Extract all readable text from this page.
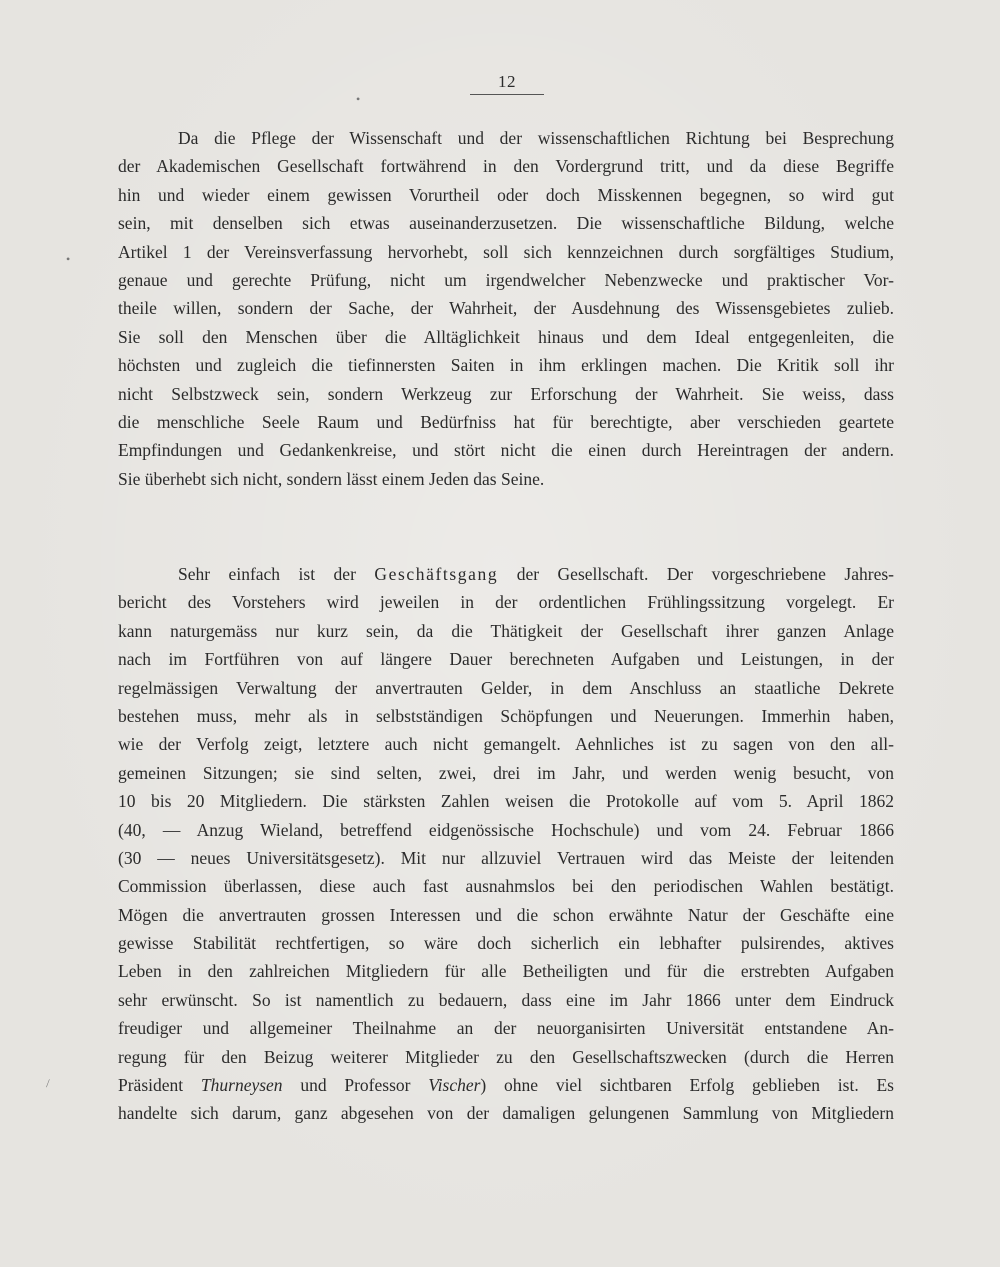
12
•
Da die Pflege der Wissenschaft und der wissenschaftlichen Richtung bei Besprechung
der Akademischen Gesellschaft fortwährend in den Vordergrund tritt, und da diese Begriffe
hin und wieder einem gewissen Vorurtheil oder doch Misskennen begegnen, so wird gut
sein, mit denselben sich etwas auseinanderzusetzen. Die wissenschaftliche Bildung, welche
Artikel 1 der Vereinsverfassung hervorhebt, soll sich kennzeichnen durch sorgfältiges Studium,
genaue und gerechte Prüfung, nicht um irgendwelcher Nebenzwecke und praktischer Vor-
theile willen, sondern der Sache, der Wahrheit, der Ausdehnung des Wissensgebietes zulieb.
Sie soll den Menschen über die Alltäglichkeit hinaus und dem Ideal entgegenleiten, die
höchsten und zugleich die tiefinnersten Saiten in ihm erklingen machen. Die Kritik soll ihr
nicht Selbstzweck sein, sondern Werkzeug zur Erforschung der Wahrheit. Sie weiss, dass
die menschliche Seele Raum und Bedürfniss hat für berechtigte, aber verschieden geartete
Empfindungen und Gedankenkreise, und stört nicht die einen durch Hereintragen der andern.
Sie überhebt sich nicht, sondern lässt einem Jeden das Seine.
Sehr einfach ist der Geschäftsgang der Gesellschaft. Der vorgeschriebene Jahres-
bericht des Vorstehers wird jeweilen in der ordentlichen Frühlingssitzung vorgelegt. Er
kann naturgemäss nur kurz sein, da die Thätigkeit der Gesellschaft ihrer ganzen Anlage
nach im Fortführen von auf längere Dauer berechneten Aufgaben und Leistungen, in der
regelmässigen Verwaltung der anvertrauten Gelder, in dem Anschluss an staatliche Dekrete
bestehen muss, mehr als in selbstständigen Schöpfungen und Neuerungen. Immerhin haben,
wie der Verfolg zeigt, letztere auch nicht gemangelt. Aehnliches ist zu sagen von den all-
gemeinen Sitzungen; sie sind selten, zwei, drei im Jahr, und werden wenig besucht, von
10 bis 20 Mitgliedern. Die stärksten Zahlen weisen die Protokolle auf vom 5. April 1862
(40, — Anzug Wieland, betreffend eidgenössische Hochschule) und vom 24. Februar 1866
(30 — neues Universitätsgesetz). Mit nur allzuviel Vertrauen wird das Meiste der leitenden
Commission überlassen, diese auch fast ausnahmslos bei den periodischen Wahlen bestätigt.
Mögen die anvertrauten grossen Interessen und die schon erwähnte Natur der Geschäfte eine
gewisse Stabilität rechtfertigen, so wäre doch sicherlich ein lebhafter pulsirendes, aktives
Leben in den zahlreichen Mitgliedern für alle Betheiligten und für die erstrebten Aufgaben
sehr erwünscht. So ist namentlich zu bedauern, dass eine im Jahr 1866 unter dem Eindruck
freudiger und allgemeiner Theilnahme an der neuorganisirten Universität entstandene An-
regung für den Beizug weiterer Mitglieder zu den Gesellschaftszwecken (durch die Herren
Präsident Thurneysen und Professor Vischer) ohne viel sichtbaren Erfolg geblieben ist. Es
handelte sich darum, ganz abgesehen von der damaligen gelungenen Sammlung von Mitgliedern
•
\
